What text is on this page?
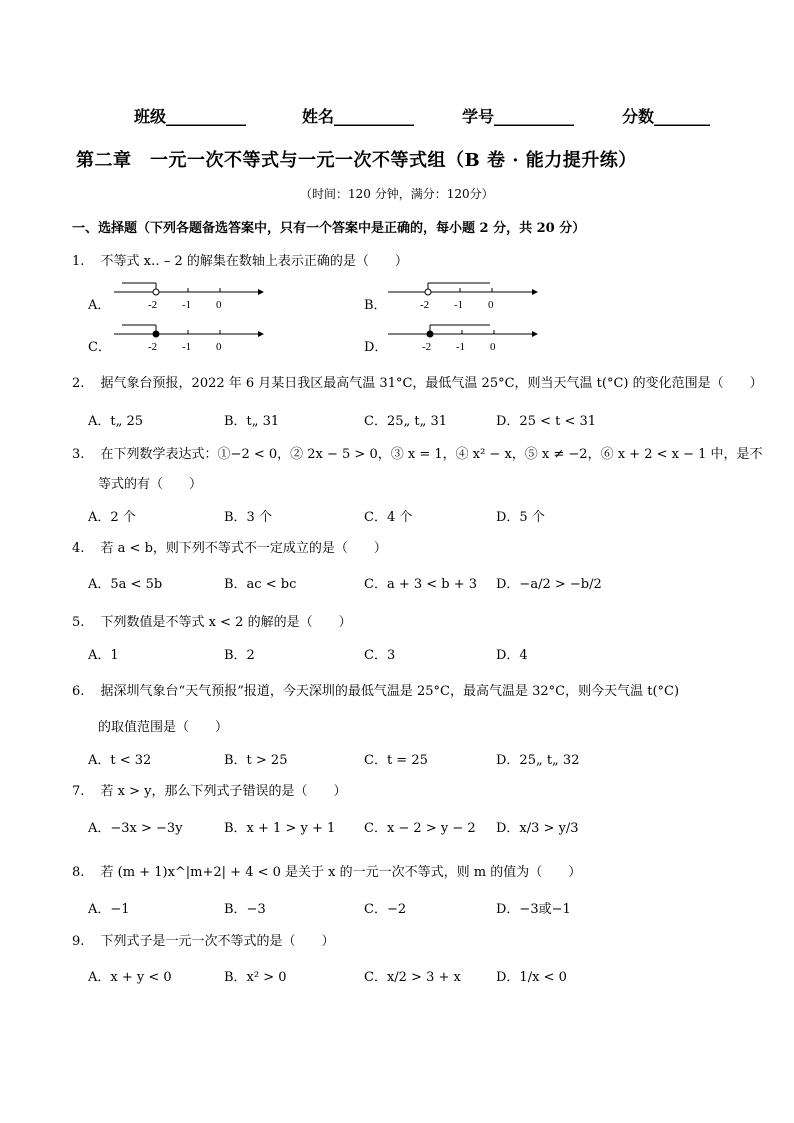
班级__________	姓名__________	学号__________	分数_______
第二章　一元一次不等式与一元一次不等式组（B 卷 · 能力提升练）
（时间：120 分钟，满分：120分）
一、选择题（下列各题备选答案中，只有一个答案中是正确的，每小题 2 分，共 20 分）
1. 不等式 x‥ – 2 的解集在数轴上表示正确的是（　　）
A．	B．
C．	D．
-2 -1 0	-2 -1 0
-2 -1 0	-2 -1 0
2. 据气象台预报，2022 年 6 月某日我区最高气温 31°C，最低气温 25°C，则当天气温 t(°C) 的变化范围是（　　）
A．t„ 25	B．t„ 31	C．25„ t„ 31	D．25 < t < 31
3. 在下列数学表达式：①−2 < 0，② 2x − 5 > 0，③ x = 1，④ x² − x，⑤ x ≠ −2，⑥ x + 2 < x − 1 中，是不
等式的有（　　）
A．2 个	B．3 个	C．4 个	D．5 个
4. 若 a < b，则下列不等式不一定成立的是（　　）
A．5a < 5b	B．ac < bc	C．a + 3 < b + 3 D．−a/2 > −b/2
5. 下列数值是不等式 x < 2 的解的是（　　）
A．1	B．2	C．3	D．4
6. 据深圳气象台“天气预报”报道，今天深圳的最低气温是 25°C，最高气温是 32°C，则今天气温 t(°C)
的取值范围是（　　）
A．t < 32	B．t > 25	C．t = 25	D．25„ t„ 32
7. 若 x > y，那么下列式子错误的是（　　）
A．−3x > −3y	B．x + 1 > y + 1 C．x − 2 > y − 2 D．x/3 > y/3
8. 若 (m + 1)x^|m+2| + 4 < 0 是关于 x 的一元一次不等式，则 m 的值为（　　）
A．−1	B．−3	C．−2	D．−3或−1
9. 下列式子是一元一次不等式的是（　　）
A．x + y < 0	B．x² > 0	C．x/2 > 3 + x	D．1/x < 0
